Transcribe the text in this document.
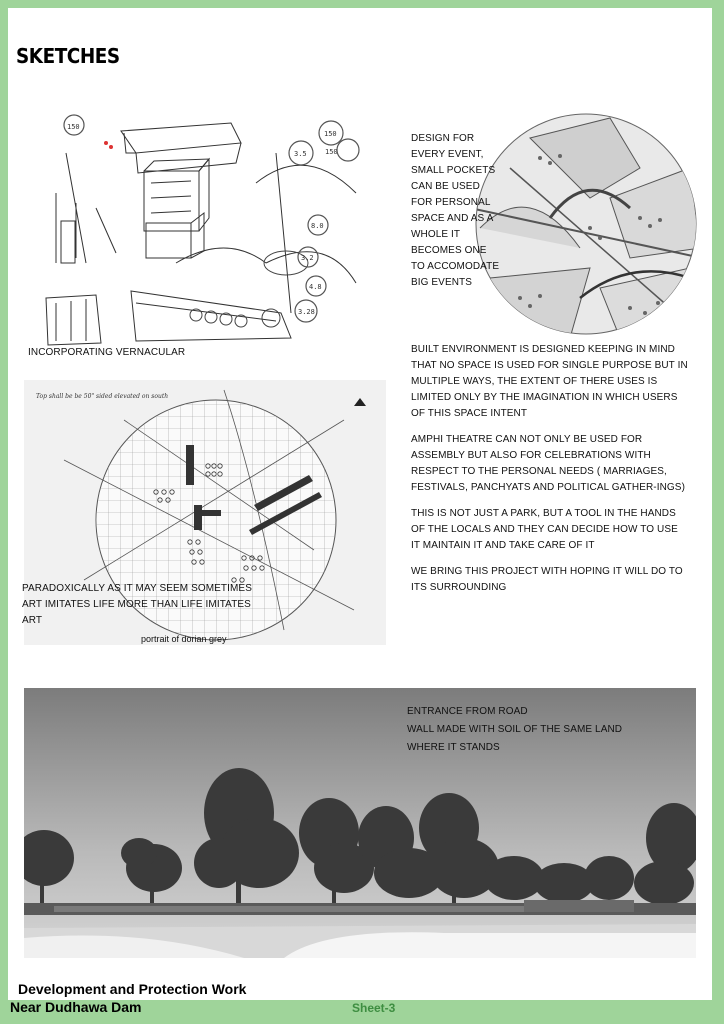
SKETCHES
150
150
3.5
150
8.0
3.2
4.8
3.28
INCORPORATING VERNACULAR
Top shall be be 50" sided elevated on south
PARADOXICALLY AS IT MAY SEEM SOMETIMES
ART IMITATES LIFE MORE THAN LIFE IMITATES
ART
portrait of dorian grey
DESIGN FOR
EVERY EVENT,
SMALL POCKETS
CAN BE USED
FOR PERSONAL
SPACE AND AS A
WHOLE IT
BECOMES ONE
TO ACCOMODATE
BIG EVENTS

BUILT ENVIRONMENT IS DESIGNED KEEPING IN MIND THAT NO SPACE IS USED FOR SINGLE PURPOSE BUT IN MULTIPLE WAYS, THE EXTENT OF THERE USES IS LIMITED ONLY BY THE IMAGINATION IN WHICH USERS OF THIS SPACE INTENT

AMPHI THEATRE CAN NOT ONLY BE USED FOR ASSEMBLY BUT ALSO FOR CELEBRATIONS WITH RESPECT TO THE PERSONAL NEEDS ( MARRIAGES, FESTIVALS, PANCHYATS AND POLITICAL GATHER-INGS)

THIS IS NOT JUST A PARK, BUT A TOOL IN THE HANDS OF THE LOCALS AND THEY CAN DECIDE HOW TO USE IT MAINTAIN IT AND TAKE CARE OF IT

WE BRING THIS PROJECT WITH HOPING IT WILL DO TO ITS SURROUNDING

ENTRANCE FROM ROAD
WALL MADE WITH SOIL OF THE SAME LAND
WHERE IT STANDS
Development and Protection Work
Near Dudhawa Dam	Sheet-3
